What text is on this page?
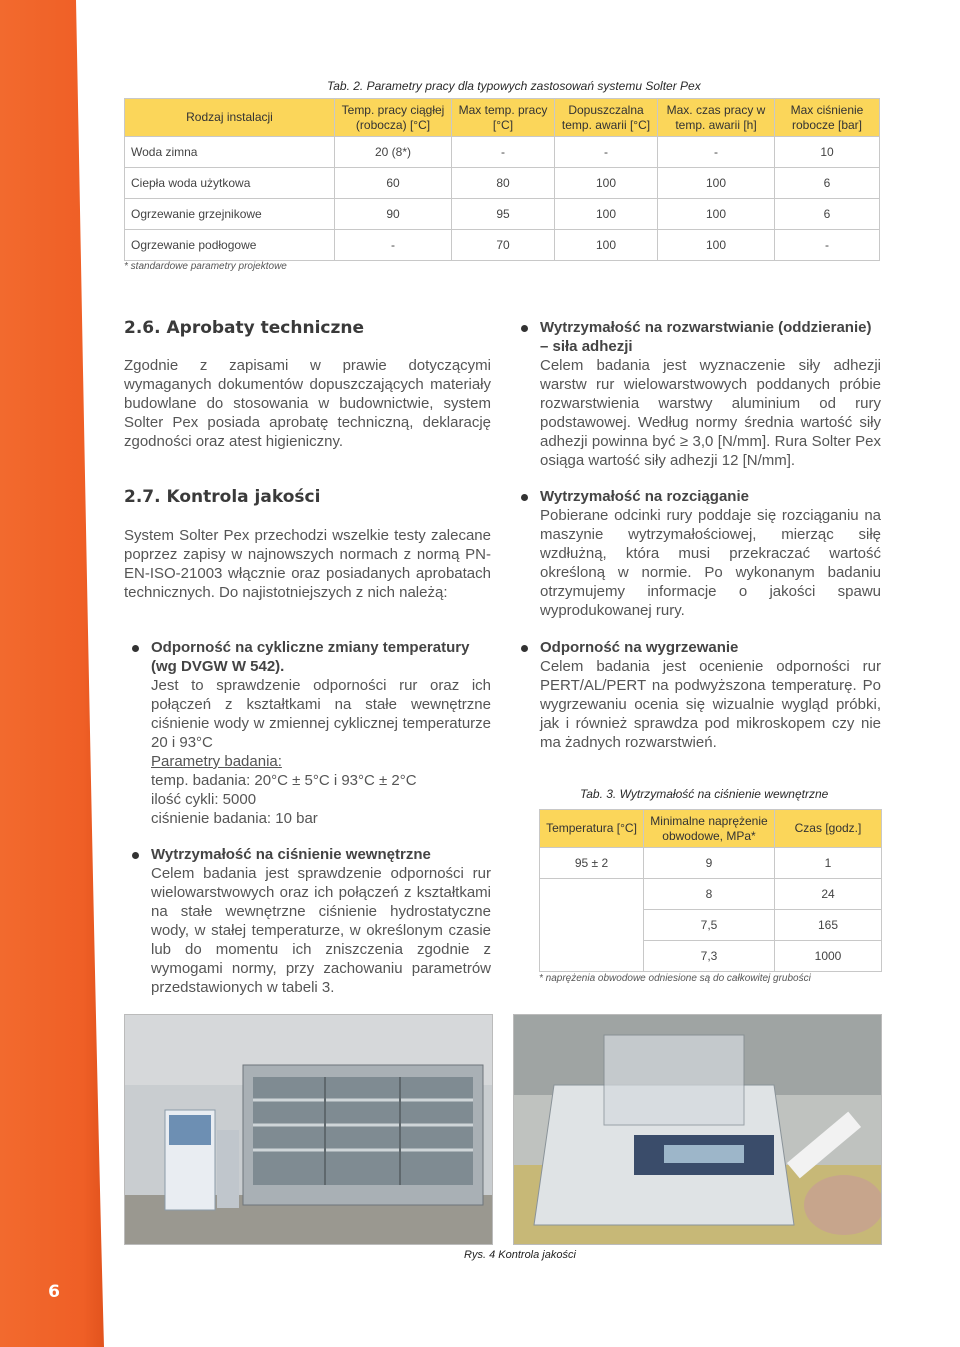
6
Tab. 2. Parametry pracy dla typowych zastosowań systemu Solter Pex
Rodzaj instalacji	Temp. pracy ciągłej (robocza) [°C]	Max temp. pracy [°C]	Dopuszczalna temp. awarii [°C]	Max. czas pracy w temp. awarii [h]	Max ciśnienie robocze [bar]
Woda zimna	20 (8*)	-	-	-	10
Ciepła woda użytkowa	60	80	100	100	6
Ogrzewanie grzejnikowe	90	95	100	100	6
Ogrzewanie podłogowe	-	70	100	100	-
* standardowe parametry projektowe
2.6. Aprobaty techniczne

Zgodnie z zapisami w prawie dotyczącymi wymaganych dokumentów dopuszczających materiały budowlane do stosowania w budownictwie, system Solter Pex posiada aprobatę techniczną, deklarację zgodności oraz atest higieniczny.

2.7. Kontrola jakości

System Solter Pex przechodzi wszelkie testy zalecane poprzez zapisy w najnowszych normach z normą PN-EN-ISO-21003 włącznie oraz posiadanych aprobatach technicznych. Do najistotniejszych z nich należą:

Odporność na cykliczne zmiany temperatury (wg DVGW W 542).
Jest to sprawdzenie odporności rur oraz ich połączeń z kształtkami na stałe wewnętrzne ciśnienie wody w zmiennej cyklicznej temperaturze 20 i 93°C
Parametry badania:
temp. badania: 20°C ± 5°C i 93°C ± 2°C
ilość cykli: 5000
ciśnienie badania: 10 bar
Wytrzymałość na ciśnienie wewnętrzne
Celem badania jest sprawdzenie odporności rur wielowarstwowych oraz ich połączeń z kształtkami na stałe wewnętrzne ciśnienie hydrostatyczne wody, w stałej temperaturze, w określonym czasie lub do momentu ich zniszczenia zgodnie z wymogami normy, przy zachowaniu parametrów przedstawionych w tabeli 3.
Wytrzymałość na rozwarstwianie (oddzieranie) – siła adhezji
Celem badania jest wyznaczenie siły adhezji warstw rur wielowarstwowych poddanych próbie rozwarstwienia warstwy aluminium od rury podstawowej. Według normy średnia wartość siły adhezji powinna być ≥ 3,0 [N/mm]. Rura Solter Pex osiąga wartość siły adhezji 12 [N/mm].
Wytrzymałość na rozciąganie
Pobierane odcinki rury poddaje się rozciąganiu na maszynie wytrzymałościowej, mierząc siłę wzdłużną, która musi przekraczać wartość określoną w normie. Po wykonanym badaniu otrzymujemy informacje o jakości spawu wyprodukowanej rury.
Odporność na wygrzewanie
Celem badania jest ocenienie odporności rur PERT/AL/PERT na podwyższona temperaturę. Po wygrzewaniu ocenia się wizualnie wygląd próbki, jak i również sprawdza pod mikroskopem czy nie ma żadnych rozwarstwień.
Tab. 3. Wytrzymałość na ciśnienie wewnętrzne
Temperatura [°C]	Minimalne naprężenie obwodowe, MPa*	Czas [godz.]
95 ± 2	9	1
	8	24
	7,5	165
	7,3	1000
* naprężenia obwodowe odniesione są do całkowitej grubości
Rys. 4 Kontrola jakości
